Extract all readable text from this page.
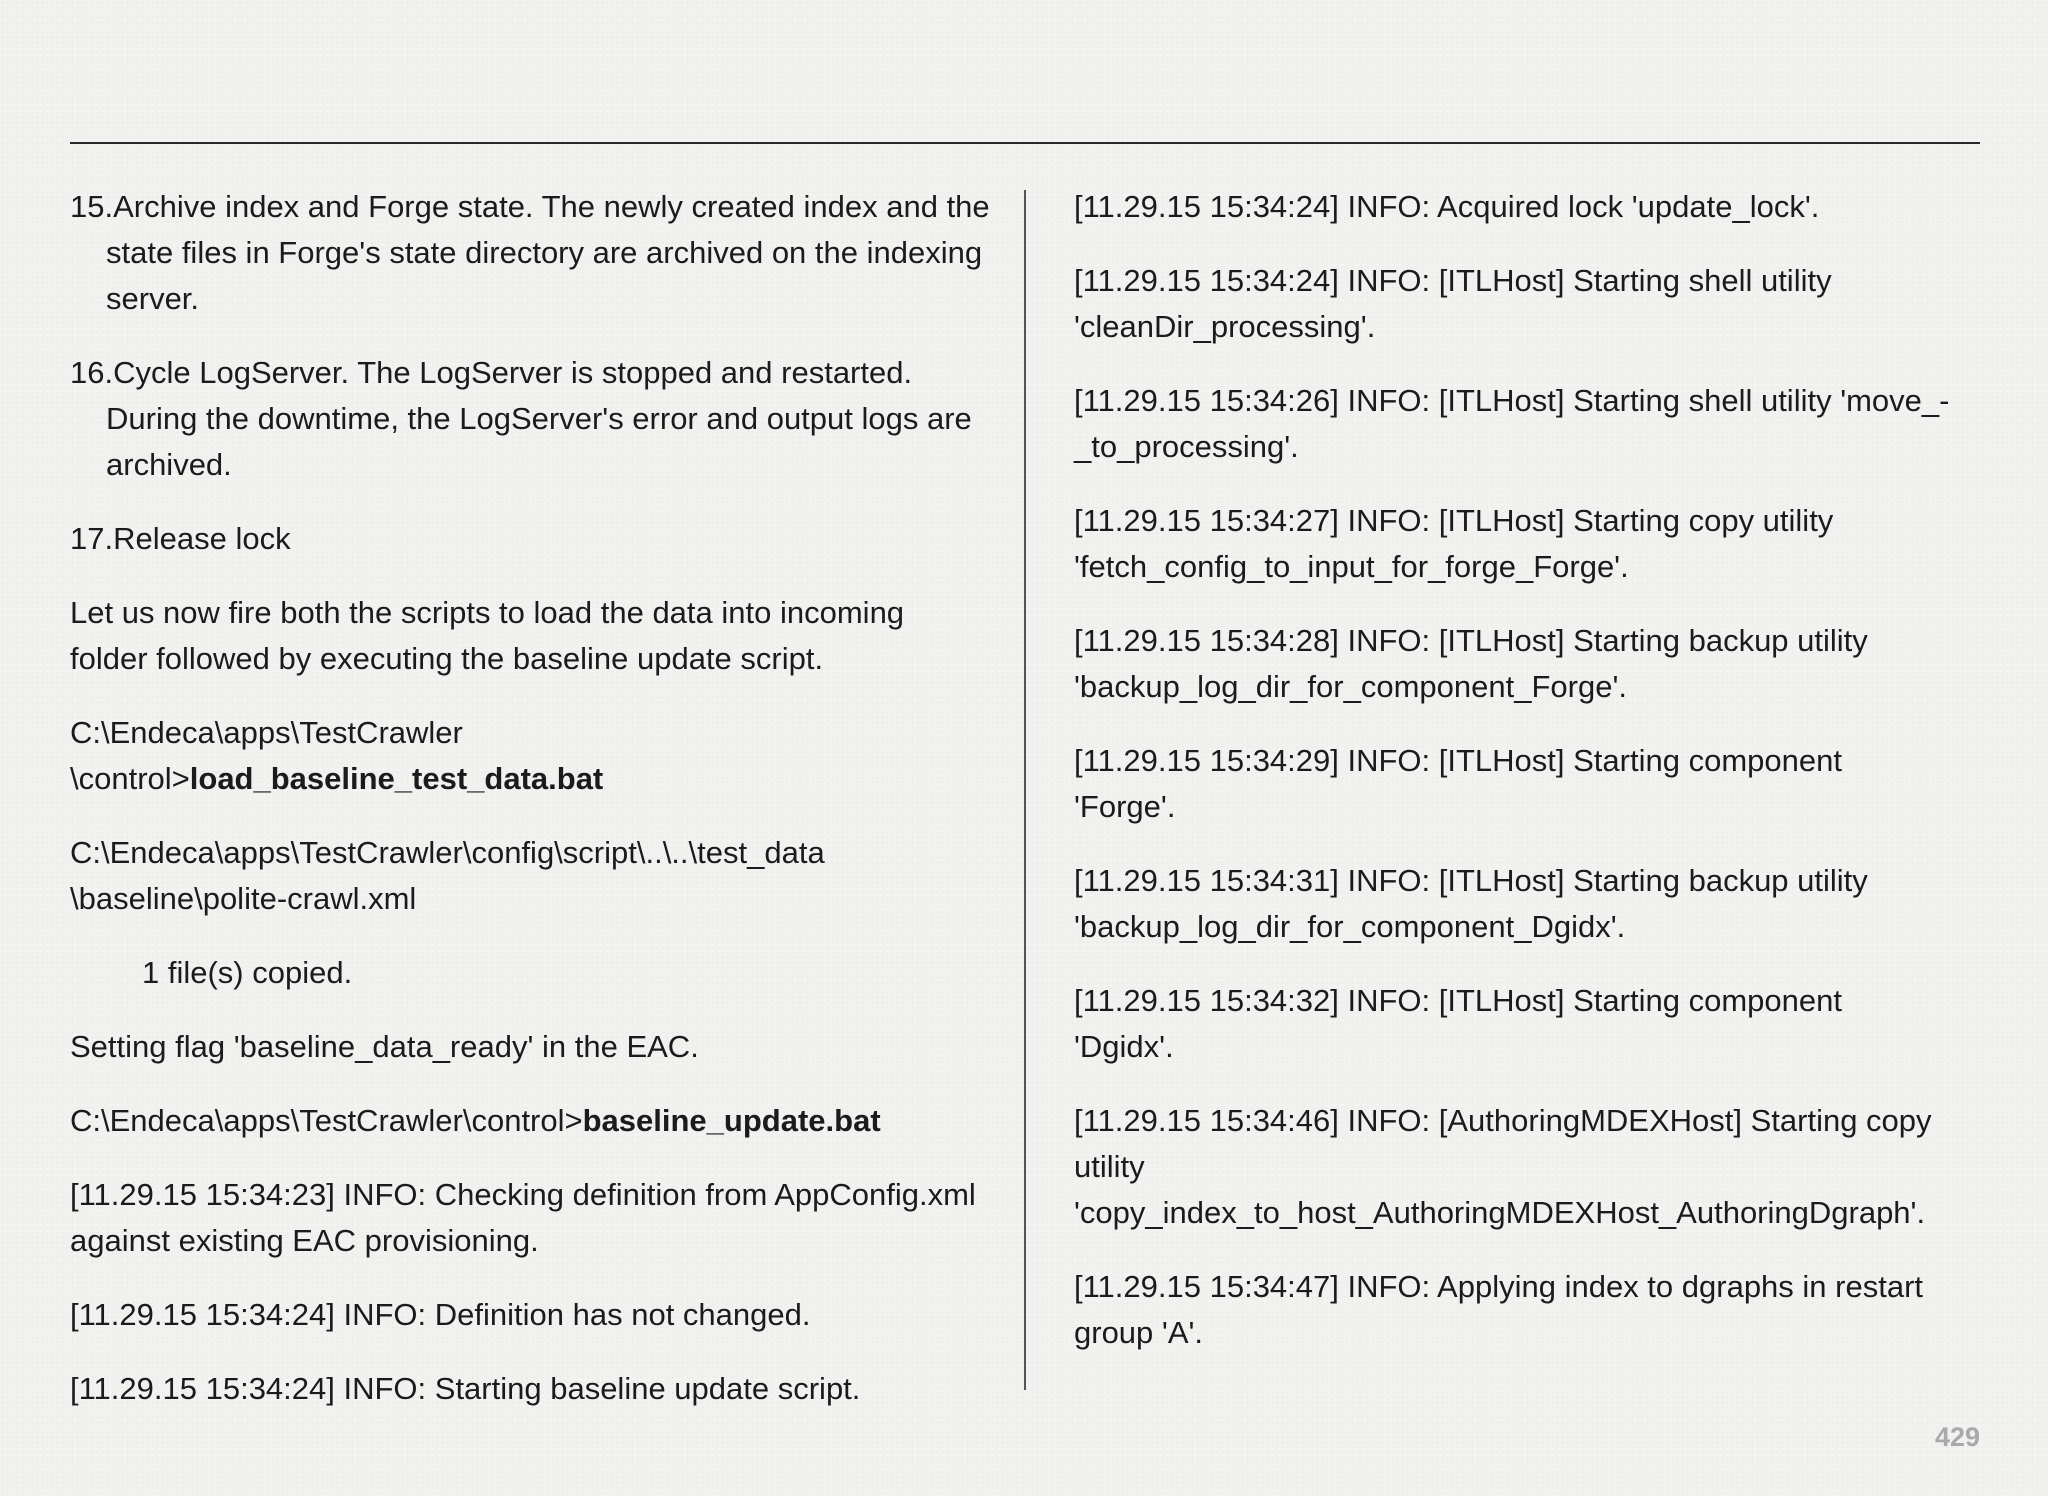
15.Archive index and Forge state. The newly created index and the state files in Forge's state directory are archived on the indexing server.

16.Cycle LogServer. The LogServer is stopped and restarted. During the downtime, the LogServer's error and output logs are archived.

17.Release lock

Let us now fire both the scripts to load the data into incoming folder followed by executing the baseline update script.

C:\Endeca\apps\TestCrawler
\control>load_baseline_test_data.bat

C:\Endeca\apps\TestCrawler\config\script\..\..\test_data
\baseline\polite-crawl.xml

1 file(s) copied.

Setting flag 'baseline_data_ready' in the EAC.

C:\Endeca\apps\TestCrawler\control>baseline_update.bat

[11.29.15 15:34:23] INFO: Checking definition from AppConfig.xml against existing EAC provisioning.

[11.29.15 15:34:24] INFO: Definition has not changed.

[11.29.15 15:34:24] INFO: Starting baseline update script.

[11.29.15 15:34:24] INFO: Acquired lock 'update_lock'.

[11.29.15 15:34:24] INFO: [ITLHost] Starting shell utility
'cleanDir_processing'.

[11.29.15 15:34:26] INFO: [ITLHost] Starting shell utility 'move_-
_to_processing'.

[11.29.15 15:34:27] INFO: [ITLHost] Starting copy utility
'fetch_config_to_input_for_forge_Forge'.

[11.29.15 15:34:28] INFO: [ITLHost] Starting backup utility
'backup_log_dir_for_component_Forge'.

[11.29.15 15:34:29] INFO: [ITLHost] Starting component
'Forge'.

[11.29.15 15:34:31] INFO: [ITLHost] Starting backup utility
'backup_log_dir_for_component_Dgidx'.

[11.29.15 15:34:32] INFO: [ITLHost] Starting component
'Dgidx'.

[11.29.15 15:34:46] INFO: [AuthoringMDEXHost] Starting copy
utility
'copy_index_to_host_AuthoringMDEXHost_AuthoringDgraph'.

[11.29.15 15:34:47] INFO: Applying index to dgraphs in restart group 'A'.

429
